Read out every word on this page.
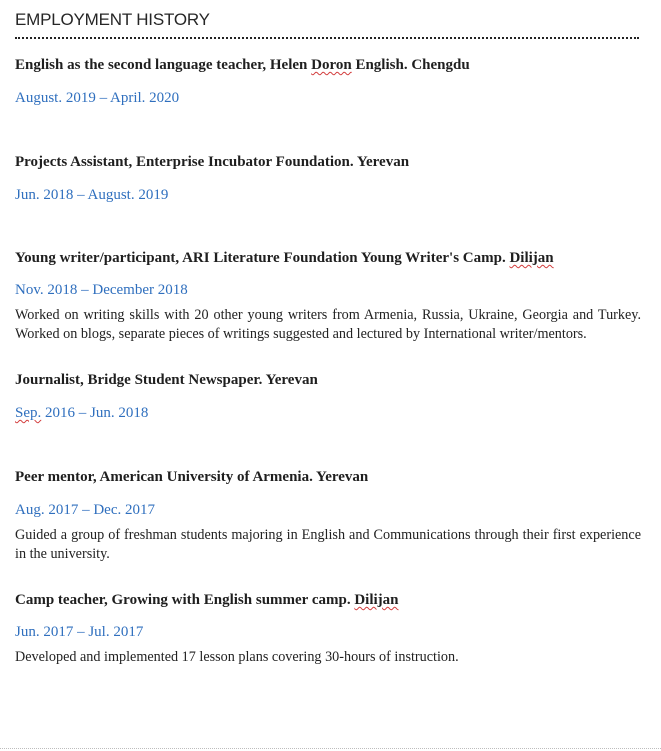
EMPLOYMENT HISTORY
English as the second language teacher, Helen Doron English. Chengdu
August. 2019 – April. 2020
Projects Assistant, Enterprise Incubator Foundation. Yerevan
Jun. 2018 – August. 2019
Young writer/participant, ARI Literature Foundation Young Writer's Camp. Dilijan
Nov. 2018 – December 2018
Worked on writing skills with 20 other young writers from Armenia, Russia, Ukraine, Georgia and Turkey. Worked on blogs, separate pieces of writings suggested and lectured by International writer/mentors.
Journalist, Bridge Student Newspaper. Yerevan
Sep. 2016 – Jun. 2018
Peer mentor, American University of Armenia. Yerevan
Aug. 2017 – Dec. 2017
Guided a group of freshman students majoring in English and Communications through their first experience in the university.
Camp teacher, Growing with English summer camp. Dilijan
Jun. 2017 – Jul. 2017
Developed and implemented 17 lesson plans covering 30-hours of instruction.
